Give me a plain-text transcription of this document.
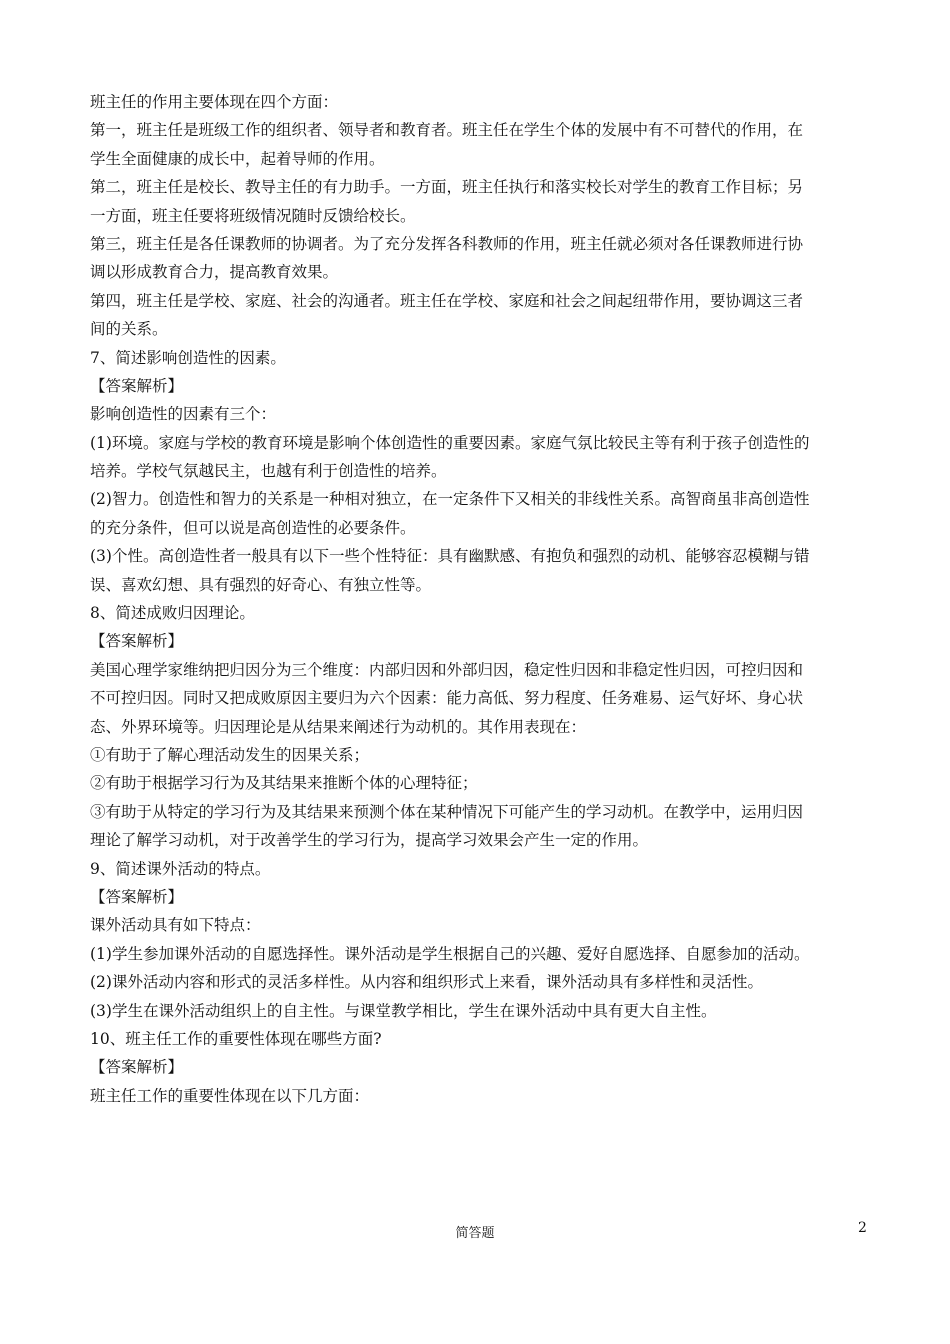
班主任的作用主要体现在四个方面：
第一，班主任是班级工作的组织者、领导者和教育者。班主任在学生个体的发展中有不可替代的作用，在
学生全面健康的成长中，起着导师的作用。
第二，班主任是校长、教导主任的有力助手。一方面，班主任执行和落实校长对学生的教育工作目标；另
一方面，班主任要将班级情况随时反馈给校长。
第三，班主任是各任课教师的协调者。为了充分发挥各科教师的作用，班主任就必须对各任课教师进行协
调以形成教育合力，提高教育效果。
第四，班主任是学校、家庭、社会的沟通者。班主任在学校、家庭和社会之间起纽带作用，要协调这三者
间的关系。
7、简述影响创造性的因素。
【答案解析】
影响创造性的因素有三个：
(1)环境。家庭与学校的教育环境是影响个体创造性的重要因素。家庭气氛比较民主等有利于孩子创造性的
培养。学校气氛越民主，也越有利于创造性的培养。
(2)智力。创造性和智力的关系是一种相对独立，在一定条件下又相关的非线性关系。高智商虽非高创造性
的充分条件，但可以说是高创造性的必要条件。
(3)个性。高创造性者一般具有以下一些个性特征：具有幽默感、有抱负和强烈的动机、能够容忍模糊与错
误、喜欢幻想、具有强烈的好奇心、有独立性等。
8、简述成败归因理论。
【答案解析】
美国心理学家维纳把归因分为三个维度：内部归因和外部归因，稳定性归因和非稳定性归因，可控归因和
不可控归因。同时又把成败原因主要归为六个因素：能力高低、努力程度、任务难易、运气好坏、身心状
态、外界环境等。归因理论是从结果来阐述行为动机的。其作用表现在：
①有助于了解心理活动发生的因果关系；
②有助于根据学习行为及其结果来推断个体的心理特征；
③有助于从特定的学习行为及其结果来预测个体在某种情况下可能产生的学习动机。在教学中，运用归因
理论了解学习动机，对于改善学生的学习行为，提高学习效果会产生一定的作用。
9、简述课外活动的特点。
【答案解析】
课外活动具有如下特点：
(1)学生参加课外活动的自愿选择性。课外活动是学生根据自己的兴趣、爱好自愿选择、自愿参加的活动。
(2)课外活动内容和形式的灵活多样性。从内容和组织形式上来看，课外活动具有多样性和灵活性。
(3)学生在课外活动组织上的自主性。与课堂教学相比，学生在课外活动中具有更大自主性。
10、班主任工作的重要性体现在哪些方面?
【答案解析】
班主任工作的重要性体现在以下几方面：
简答题	2
